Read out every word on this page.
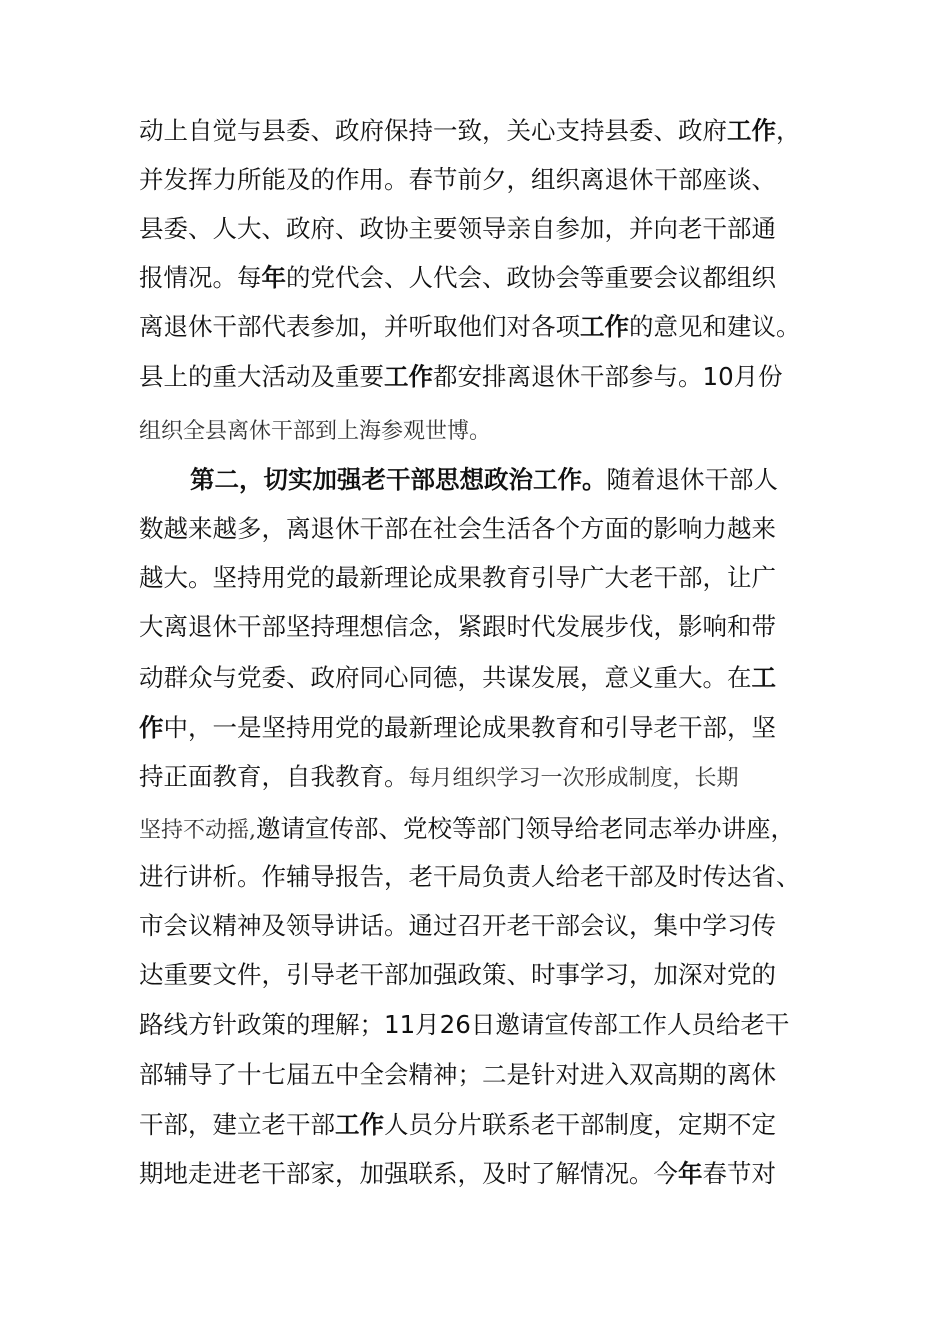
动上自觉与县委、政府保持一致，关心支持县委、政府工作，
并发挥力所能及的作用。春节前夕，组织离退休干部座谈、
县委、人大、政府、政协主要领导亲自参加，并向老干部通
报情况。每年的党代会、人代会、政协会等重要会议都组织
离退休干部代表参加，并听取他们对各项工作的意见和建议。
县上的重大活动及重要工作都安排离退休干部参与。10月份
组织全县离休干部到上海参观世博。
第二，切实加强老干部思想政治工作。随着退休干部人
数越来越多，离退休干部在社会生活各个方面的影响力越来
越大。坚持用党的最新理论成果教育引导广大老干部，让广
大离退休干部坚持理想信念，紧跟时代发展步伐，影响和带
动群众与党委、政府同心同德，共谋发展，意义重大。在工
作中，一是坚持用党的最新理论成果教育和引导老干部，坚
持正面教育，自我教育。每月组织学习一次形成制度，长期
坚持不动摇,邀请宣传部、党校等部门领导给老同志举办讲座，
进行讲析。作辅导报告，老干局负责人给老干部及时传达省、
市会议精神及领导讲话。通过召开老干部会议，集中学习传
达重要文件，引导老干部加强政策、时事学习，加深对党的
路线方针政策的理解；11月26日邀请宣传部工作人员给老干
部辅导了十七届五中全会精神；二是针对进入双高期的离休
干部，建立老干部工作人员分片联系老干部制度，定期不定
期地走进老干部家，加强联系，及时了解情况。今年春节对
